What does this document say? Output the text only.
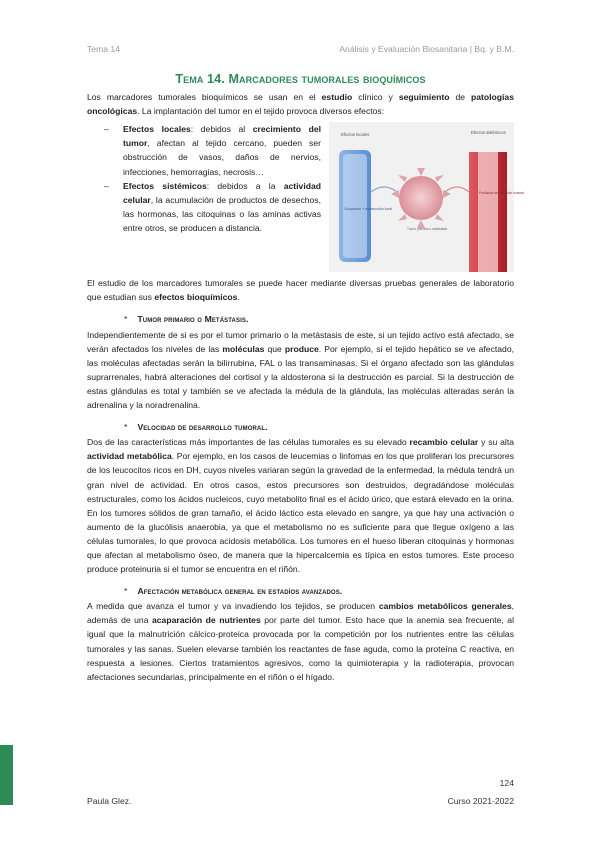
Tema 14	Análisis y Evaluación Biosanitaria | Bq. y B.M.
Tema 14. Marcadores tumorales bioquímicos

Los marcadores tumorales bioquímicos se usan en el estudio clínico y seguimiento de patologías oncológicas. La implantación del tumor en el tejido provoca diversos efectos:

– Efectos locales: debidos al crecimiento del tumor, afectan al tejido cercano, pueden ser obstrucción de vasos, daños de nervios, infecciones, hemorragias, necrosis…
– Efectos sistémicos: debidos a la actividad celular, la acumulación de productos de desechos, las hormonas, las citoquinas o las aminas activas entre otros, se producen a distancia.
Efectos locales
Ocupación + destrucción local
Tumor primario o metástasis
Efectos sistémicos
Productos de secreción tumoral

El estudio de los marcadores tumorales se puede hacer mediante diversas pruebas generales de laboratorio que estudian sus efectos bioquímicos.

* Tumor primario o Metástasis.

Independientemente de si es por el tumor primario o la metástasis de este, si un tejido activo está afectado, se verán afectados los niveles de las moléculas que produce. Por ejemplo, si el tejido hepático se ve afectado, las moléculas afectadas serán la bilirrubina, FAL o las transaminasas. Si el órgano afectado son las glándulas suprarrenales, habrá alteraciones del cortisol y la aldosterona si la destrucción es parcial. Si la destrucción de estas glándulas es total y también se ve afectada la médula de la glándula, las moléculas alteradas serán la adrenalina y la noradrenalina.

* Velocidad de desarrollo tumoral.

Dos de las características más importantes de las células tumorales es su elevado recambio celular y su alta actividad metabólica. Por ejemplo, en los casos de leucemias o linfomas en los que proliferan los precursores de los leucocitos ricos en DH, cuyos niveles variaran según la gravedad de la enfermedad, la médula tendrá un gran nivel de actividad. En otros casos, estos precursores son destruidos, degradándose moléculas estructurales, como los ácidos nucleicos, cuyo metabolito final es el ácido úrico, que estará elevado en la orina. En los tumores sólidos de gran tamaño, el ácido láctico esta elevado en sangre, ya que hay una activación o aumento de la glucólisis anaerobia, ya que el metabolismo no es suficiente para que llegue oxígeno a las células tumorales, lo que provoca acidosis metabólica. Los tumores en el hueso liberan citoquinas y hormonas que afectan al metabolismo óseo, de manera que la hipercalcemia es típica en estos tumores. Este proceso produce proteinuria si el tumor se encuentra en el riñón.

* Afectación metabólica general en estadíos avanzados.

A medida que avanza el tumor y va invadiendo los tejidos, se producen cambios metabólicos generales, además de una acaparación de nutrientes por parte del tumor. Esto hace que la anemia sea frecuente, al igual que la malnutrición cálcico-proteica provocada por la competición por los nutrientes entre las células tumorales y las sanas. Suelen elevarse también los reactantes de fase aguda, como la proteína C reactiva, en respuesta a lesiones. Ciertos tratamientos agresivos, como la quimioterapia y la radioterapia, provocan afectaciones secundarias, principalmente en el riñón o el hígado.

124
Paula Glez.	Curso 2021-2022
